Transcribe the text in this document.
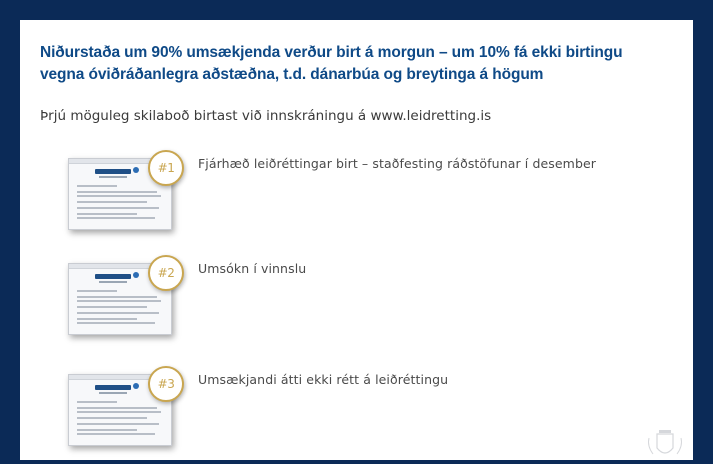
Niðurstaða um 90% umsækjenda verður birt á morgun – um 10% fá ekki birtingu vegna óviðráðanlegra aðstæðna, t.d. dánarbúa og breytinga á högum
Þrjú möguleg skilaboð birtast við innskráningu á www.leidretting.is
#1	Fjárhæð leiðréttingar birt – staðfesting ráðstöfunar í desember
#2	Umsókn í vinnslu
#3	Umsækjandi átti ekki rétt á leiðréttingu
